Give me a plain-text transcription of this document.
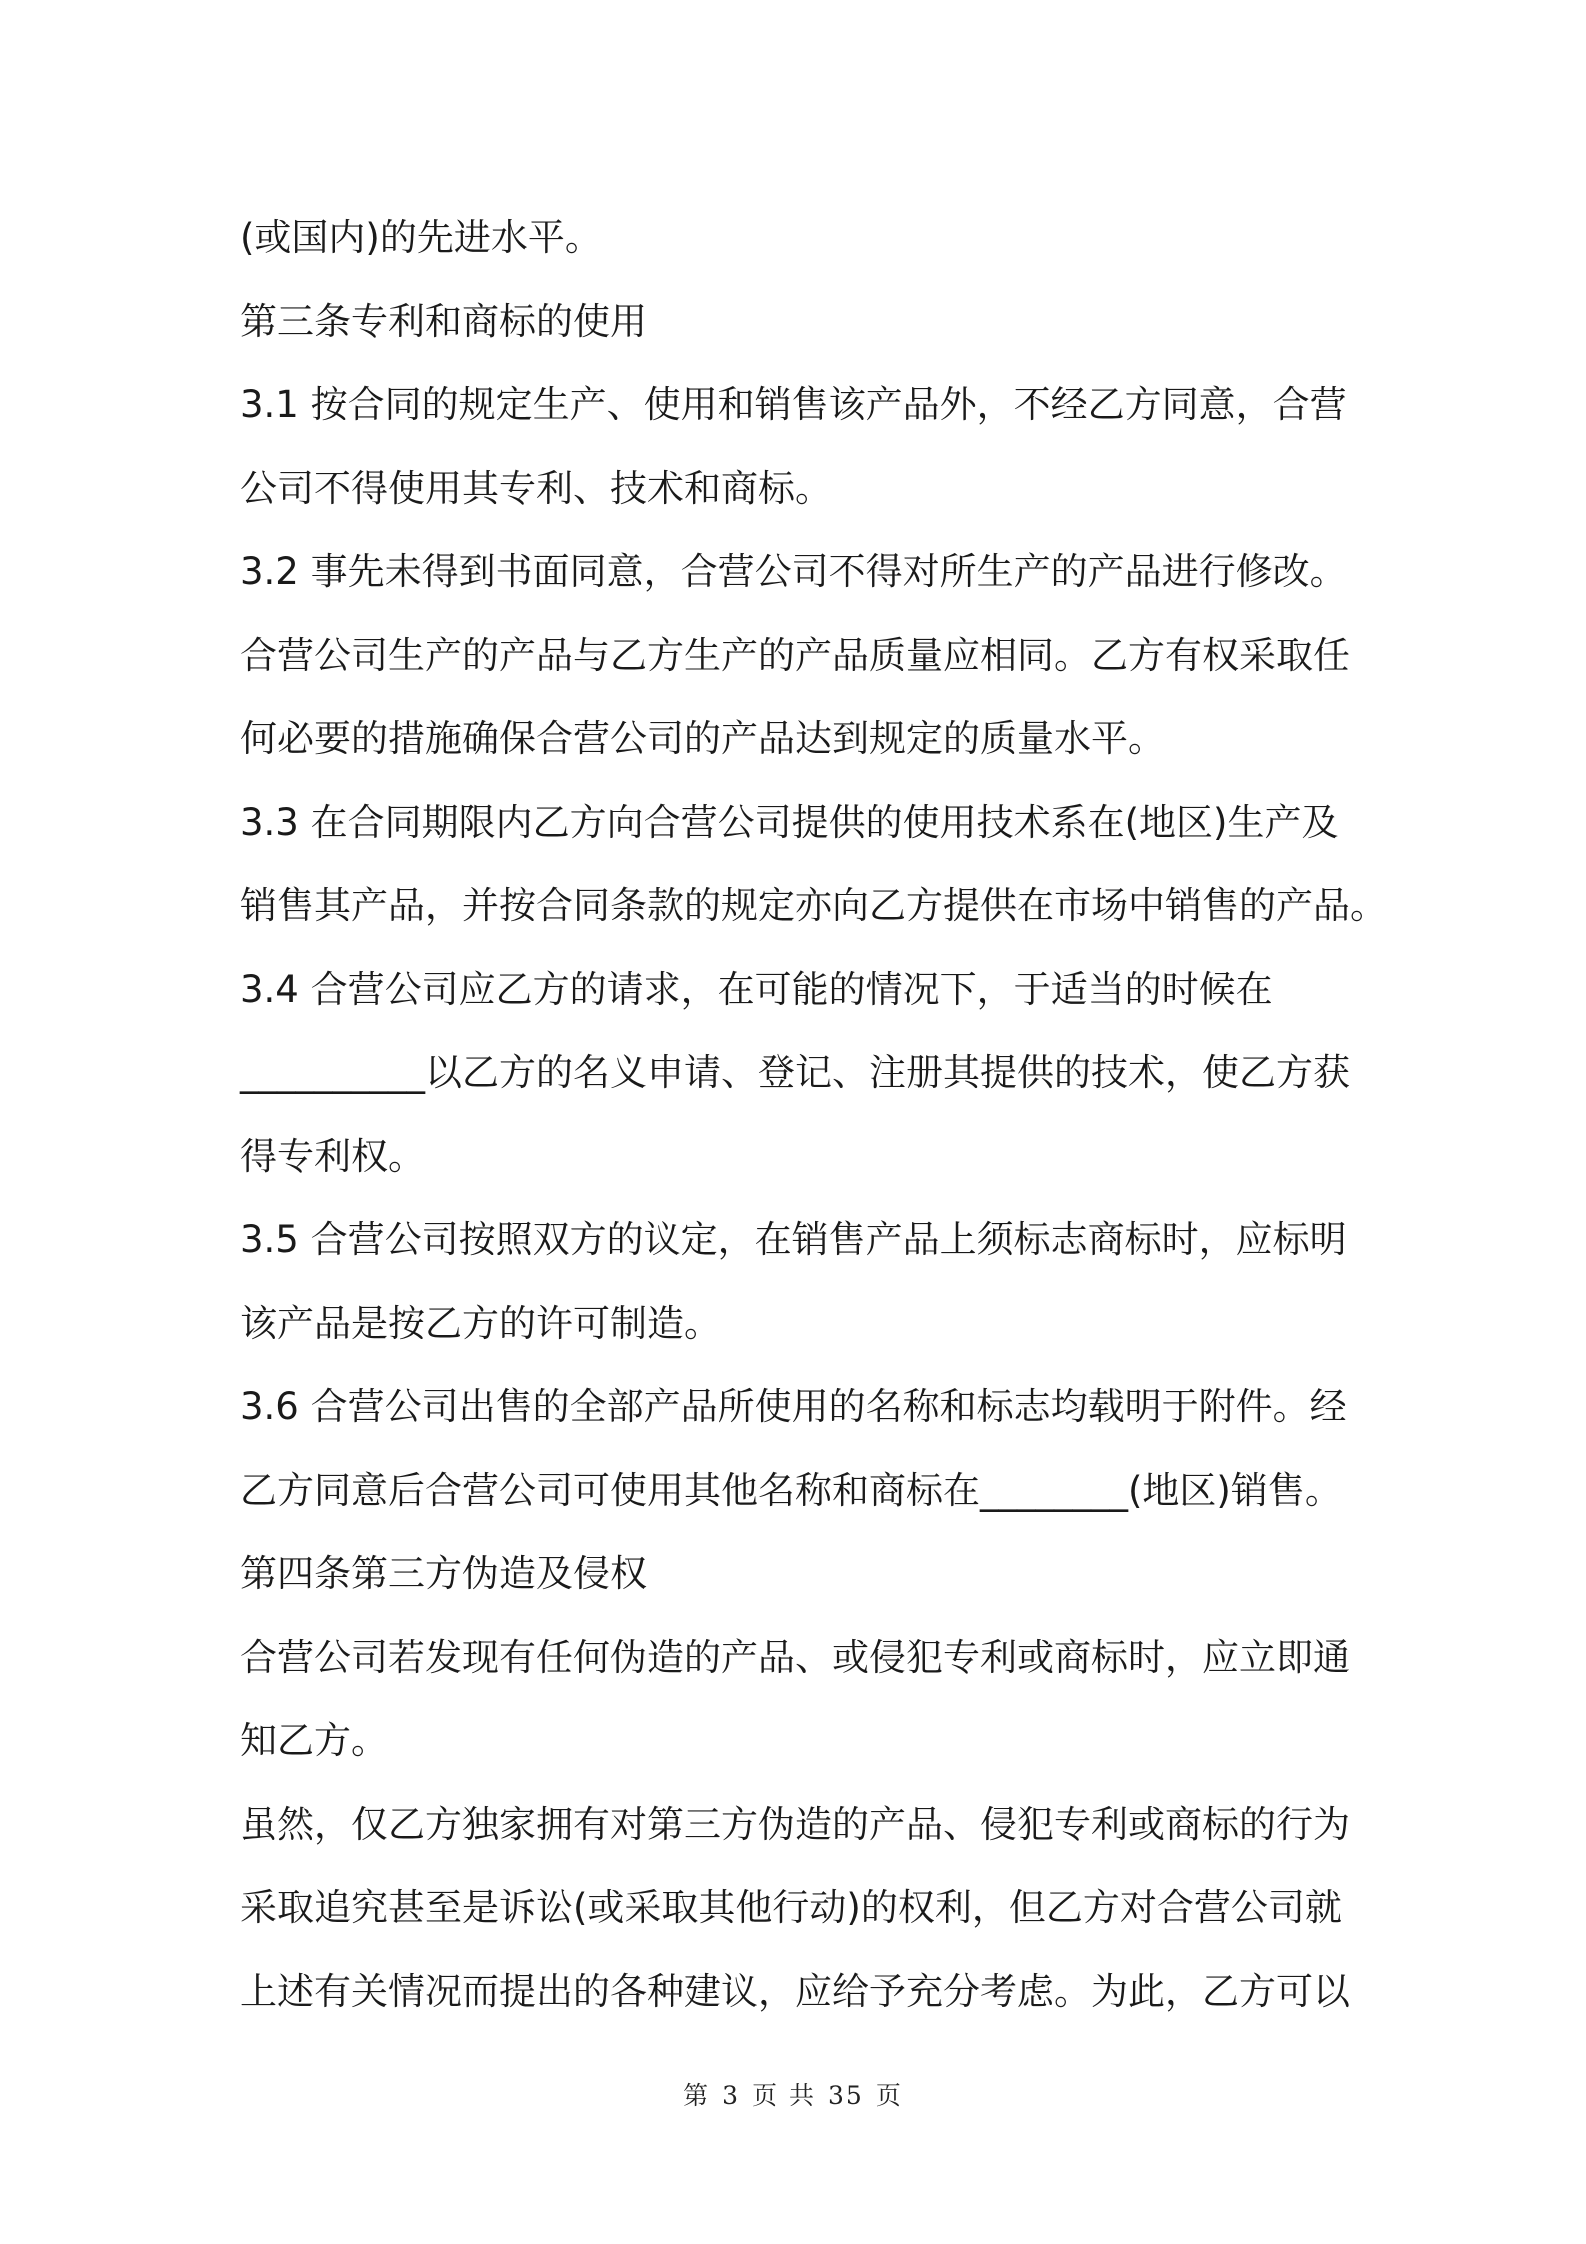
(或国内)的先进水平。
第三条专利和商标的使用
3.1 按合同的规定生产、使用和销售该产品外，不经乙方同意，合营
公司不得使用其专利、技术和商标。
3.2 事先未得到书面同意，合营公司不得对所生产的产品进行修改。
合营公司生产的产品与乙方生产的产品质量应相同。乙方有权采取任
何必要的措施确保合营公司的产品达到规定的质量水平。
3.3 在合同期限内乙方向合营公司提供的使用技术系在(地区)生产及
销售其产品，并按合同条款的规定亦向乙方提供在市场中销售的产品。
3.4 合营公司应乙方的请求，在可能的情况下，于适当的时候在
__________以乙方的名义申请、登记、注册其提供的技术，使乙方获
得专利权。
3.5 合营公司按照双方的议定，在销售产品上须标志商标时，应标明
该产品是按乙方的许可制造。
3.6 合营公司出售的全部产品所使用的名称和标志均载明于附件。经
乙方同意后合营公司可使用其他名称和商标在________(地区)销售。
第四条第三方伪造及侵权
合营公司若发现有任何伪造的产品、或侵犯专利或商标时，应立即通
知乙方。
虽然，仅乙方独家拥有对第三方伪造的产品、侵犯专利或商标的行为
采取追究甚至是诉讼(或采取其他行动)的权利，但乙方对合营公司就
上述有关情况而提出的各种建议，应给予充分考虑。为此，乙方可以
第 3 页 共 35 页
